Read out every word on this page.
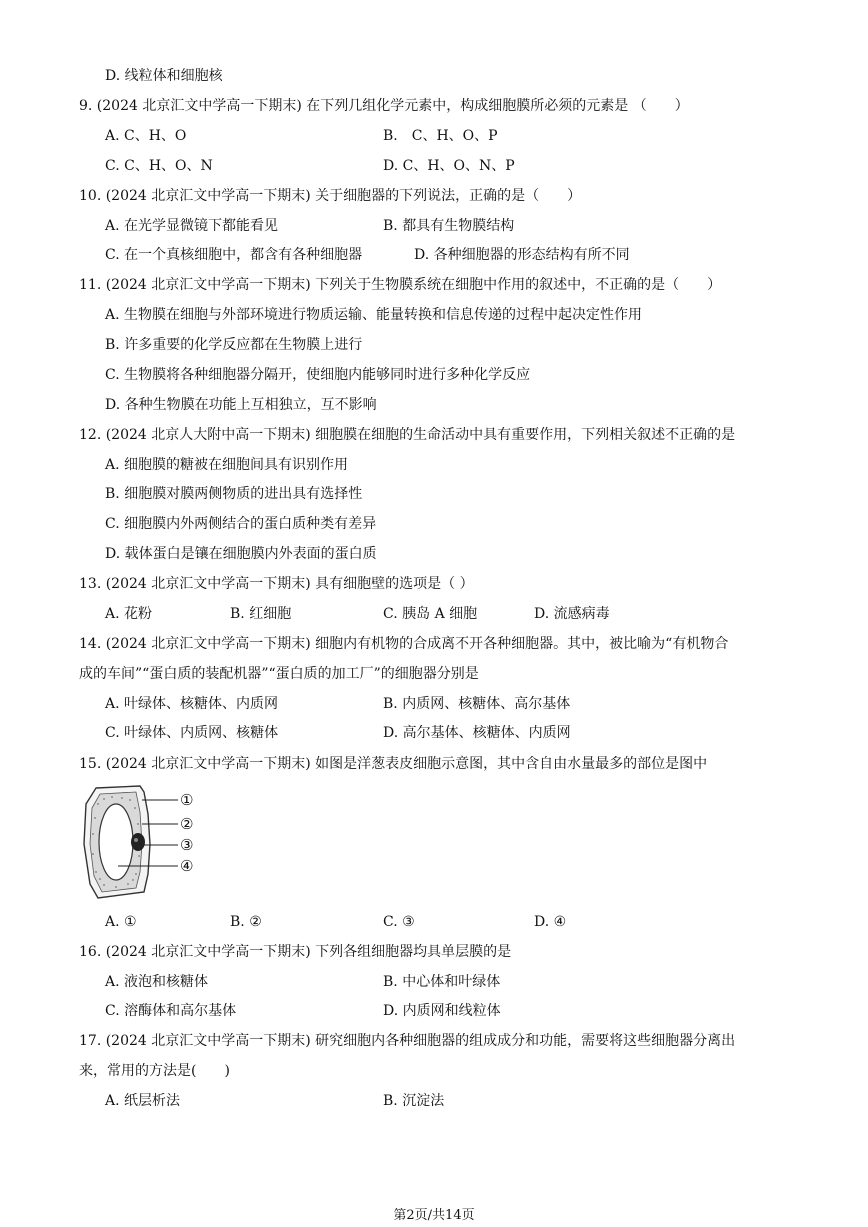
D. 线粒体和细胞核
9. (2024 北京汇文中学高一下期末) 在下列几组化学元素中，构成细胞膜所必须的元素是 （　　）
A. C、H、O	B.　C、H、O、P
C. C、H、O、N	D. C、H、O、N、P
10. (2024 北京汇文中学高一下期末) 关于细胞器的下列说法，正确的是（　　）
A. 在光学显微镜下都能看见	B. 都具有生物膜结构
C. 在一个真核细胞中，都含有各种细胞器	D. 各种细胞器的形态结构有所不同
11. (2024 北京汇文中学高一下期末) 下列关于生物膜系统在细胞中作用的叙述中，不正确的是（　　）
A. 生物膜在细胞与外部环境进行物质运输、能量转换和信息传递的过程中起决定性作用
B. 许多重要的化学反应都在生物膜上进行
C. 生物膜将各种细胞器分隔开，使细胞内能够同时进行多种化学反应
D. 各种生物膜在功能上互相独立，互不影响
12. (2024 北京人大附中高一下期末) 细胞膜在细胞的生命活动中具有重要作用，下列相关叙述不正确的是
A. 细胞膜的糖被在细胞间具有识别作用
B. 细胞膜对膜两侧物质的进出具有选择性
C. 细胞膜内外两侧结合的蛋白质种类有差异
D. 载体蛋白是镶在细胞膜内外表面的蛋白质
13. (2024 北京汇文中学高一下期末) 具有细胞壁的选项是（ ）
A. 花粉	B. 红细胞	C. 胰岛 A 细胞	D. 流感病毒
14. (2024 北京汇文中学高一下期末) 细胞内有机物的合成离不开各种细胞器。其中，被比喻为“有机物合
成的车间”“蛋白质的装配机器”“蛋白质的加工厂”的细胞器分别是
A. 叶绿体、核糖体、内质网	B. 内质网、核糖体、高尔基体
C. 叶绿体、内质网、核糖体	D. 高尔基体、核糖体、内质网
15. (2024 北京汇文中学高一下期末) 如图是洋葱表皮细胞示意图，其中含自由水量最多的部位是图中
①
②
③
④
A. ①	B. ②	C. ③	D. ④
16. (2024 北京汇文中学高一下期末) 下列各组细胞器均具单层膜的是
A. 液泡和核糖体	B. 中心体和叶绿体
C. 溶酶体和高尔基体	D. 内质网和线粒体
17. (2024 北京汇文中学高一下期末) 研究细胞内各种细胞器的组成成分和功能，需要将这些细胞器分离出
来，常用的方法是(　　)
A. 纸层析法	B. 沉淀法
第2页/共14页
